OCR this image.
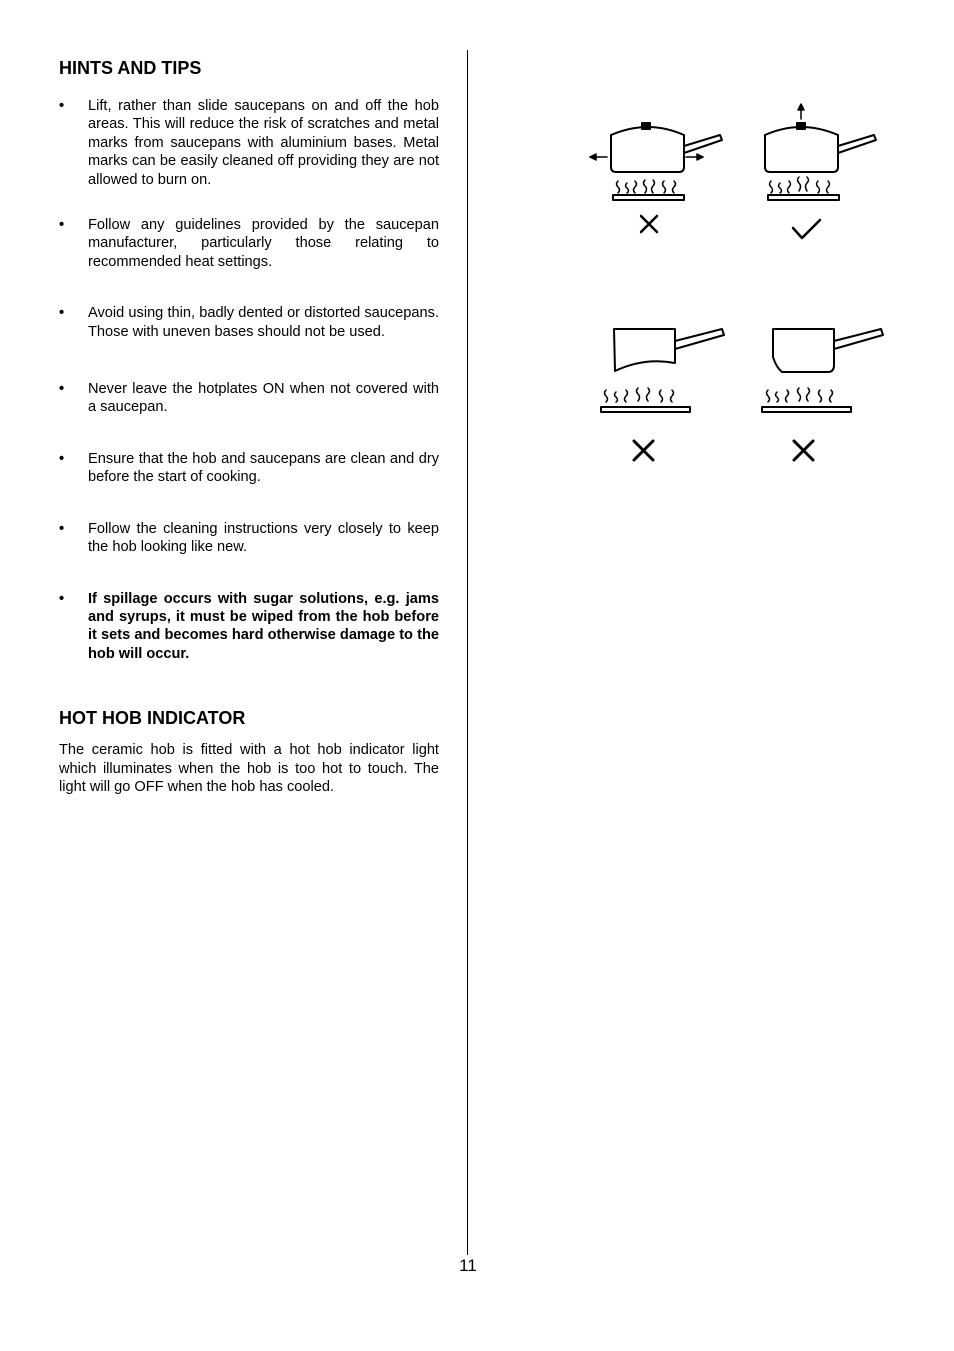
HINTS AND TIPS
•	Lift, rather than slide saucepans on and off the hob areas. This will reduce the risk of scratches and metal marks from saucepans with aluminium bases. Metal marks can be easily cleaned off providing they are not allowed to burn on.
•	Follow any guidelines provided by the saucepan manufacturer, particularly those relating to recommended heat settings.
•	Avoid using thin, badly dented or distorted saucepans. Those with uneven bases should not be used.
•	Never leave the hotplates ON when not covered with a saucepan.
•	Ensure that the hob and saucepans are clean and dry before the start of cooking.
•	Follow the cleaning instructions very closely to keep the hob looking like new.
•	If spillage occurs with sugar solutions, e.g. jams and syrups, it must be wiped from the hob before it sets and becomes hard otherwise damage to the hob will occur.
HOT HOB INDICATOR

The ceramic hob is fitted with a hot hob indicator light which illuminates when the hob is too hot to touch. The light will go OFF when the hob has cooled.

11
